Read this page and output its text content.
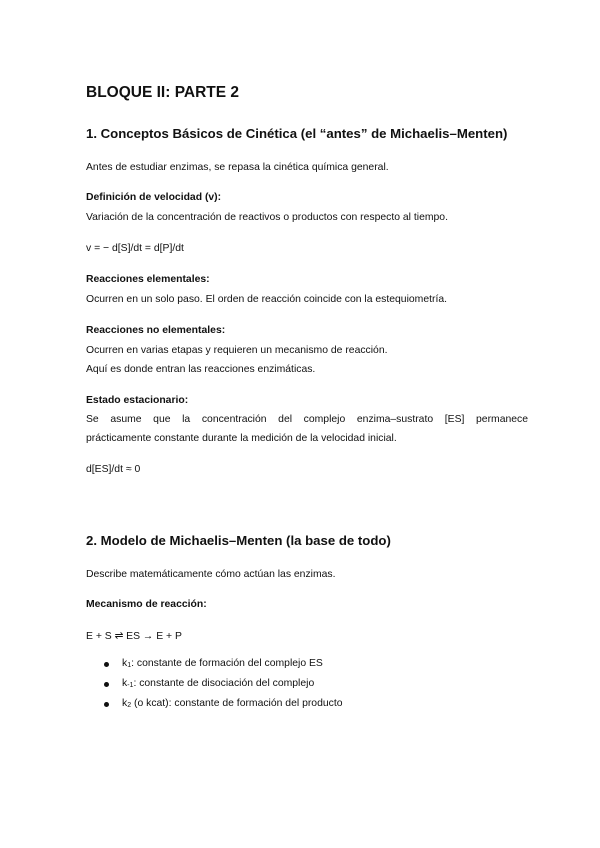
BLOQUE II: PARTE 2
1. Conceptos Básicos de Cinética (el “antes” de Michaelis–Menten)
Antes de estudiar enzimas, se repasa la cinética química general.
Definición de velocidad (v):
Variación de la concentración de reactivos o productos con respecto al tiempo.
v = − d[S]/dt = d[P]/dt
Reacciones elementales:
Ocurren en un solo paso. El orden de reacción coincide con la estequiometría.
Reacciones no elementales:
Ocurren en varias etapas y requieren un mecanismo de reacción.
Aquí es donde entran las reacciones enzimáticas.
Estado estacionario:
Se asume que la concentración del complejo enzima–sustrato [ES] permanece
prácticamente constante durante la medición de la velocidad inicial.
d[ES]/dt ≈ 0
2. Modelo de Michaelis–Menten (la base de todo)
Describe matemáticamente cómo actúan las enzimas.
Mecanismo de reacción:
E + S ⇌ ES → E + P
$k_1$: constante de formación del complejo ES
$k_{-1}$: constante de disociación del complejo
$k_2$ (o kcat): constante de formación del producto
